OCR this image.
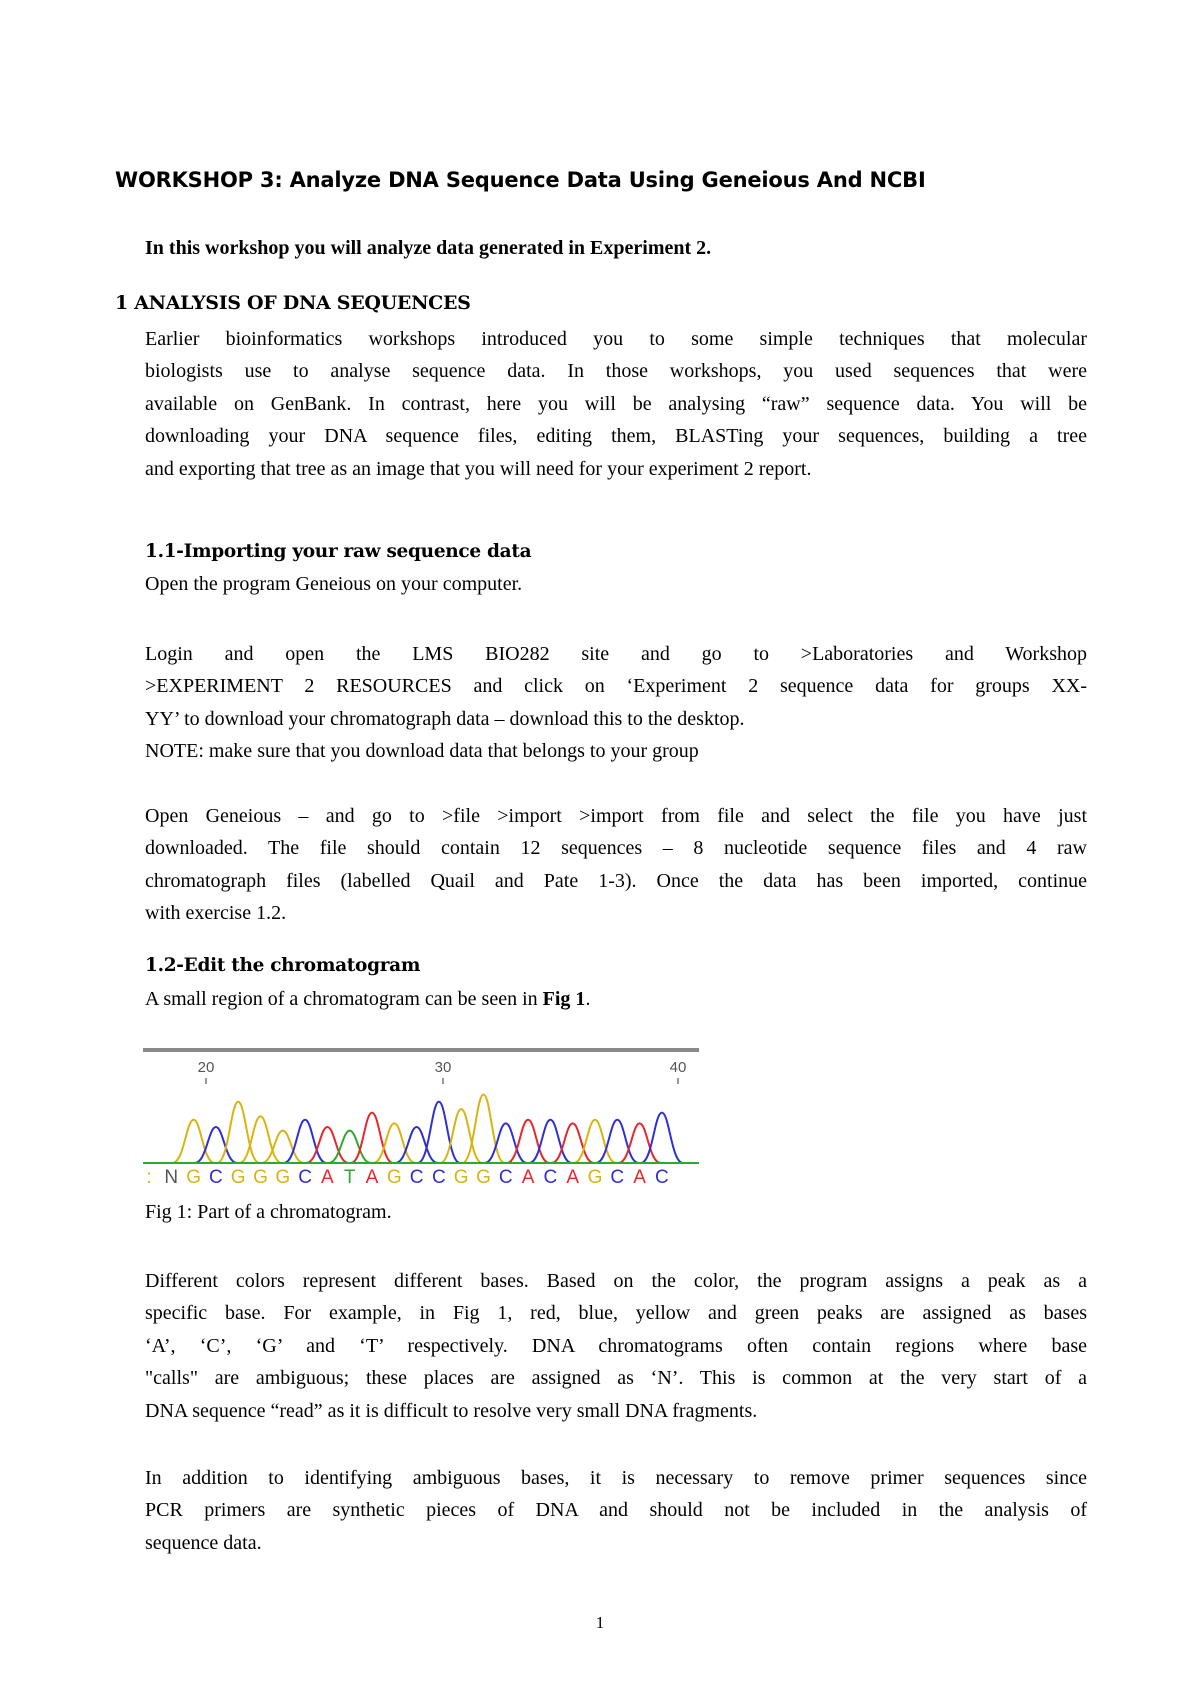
WORKSHOP 3: Analyze DNA Sequence Data Using Geneious And NCBI
In this workshop you will analyze data generated in Experiment 2.
1 ANALYSIS OF DNA SEQUENCES
Earlier bioinformatics workshops introduced you to some simple techniques that molecular
biologists use to analyse sequence data. In those workshops, you used sequences that were
available on GenBank. In contrast, here you will be analysing “raw” sequence data. You will be
downloading your DNA sequence files, editing them, BLASTing your sequences, building a tree
and exporting that tree as an image that you will need for your experiment 2 report.
1.1-Importing your raw sequence data
Open the program Geneious on your computer.
Login and open the LMS BIO282 site and go to >Laboratories and Workshop
>EXPERIMENT 2 RESOURCES and click on ‘Experiment 2 sequence data for groups XX-
YY’ to download your chromatograph data – download this to the desktop.
NOTE: make sure that you download data that belongs to your group
Open Geneious – and go to >file >import >import from file and select the file you have just
downloaded. The file should contain 12 sequences – 8 nucleotide sequence files and 4 raw
chromatograph files (labelled Quail and Pate 1-3). Once the data has been imported, continue
with exercise 1.2.
1.2-Edit the chromatogram
A small region of a chromatogram can be seen in Fig 1.
20	30	40
: N G C G G G C A T A G C C G G C A C A G C A C
Fig 1: Part of a chromatogram.
Different colors represent different bases. Based on the color, the program assigns a peak as a
specific base. For example, in Fig 1, red, blue, yellow and green peaks are assigned as bases
‘A’, ‘C’, ‘G’ and ‘T’ respectively. DNA chromatograms often contain regions where base
"calls" are ambiguous; these places are assigned as ‘N’. This is common at the very start of a
DNA sequence “read” as it is difficult to resolve very small DNA fragments.
In addition to identifying ambiguous bases, it is necessary to remove primer sequences since
PCR primers are synthetic pieces of DNA and should not be included in the analysis of
sequence data.
1
